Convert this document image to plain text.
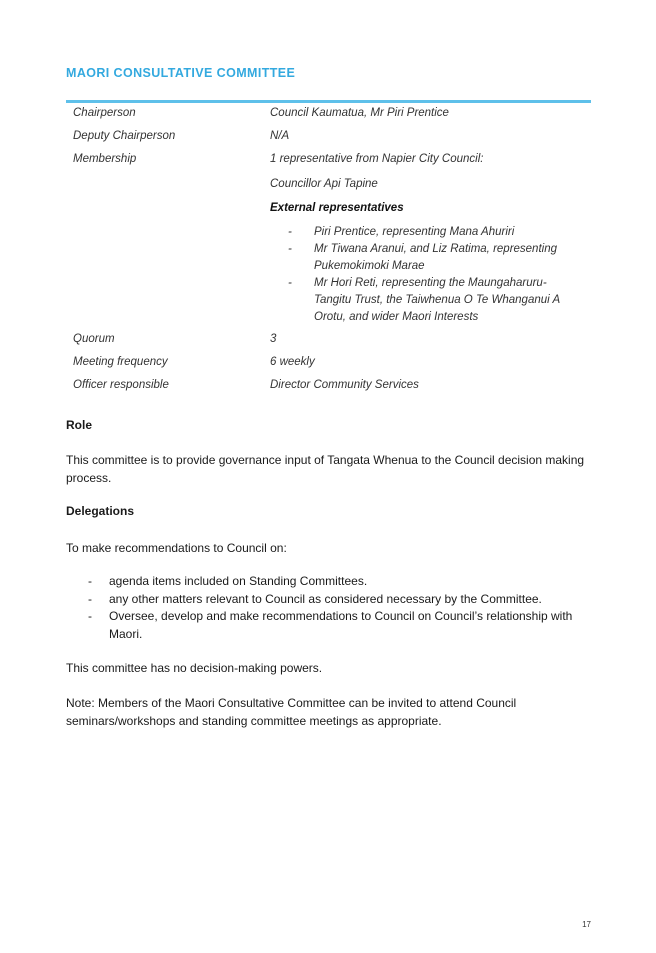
MAORI CONSULTATIVE COMMITTEE
Chairperson	Council Kaumatua, Mr Piri Prentice
Deputy Chairperson	N/A
Membership	1 representative from Napier City Council:
Councillor Api Tapine
External representatives
- Piri Prentice, representing Mana Ahuriri
- Mr Tiwana Aranui, and Liz Ratima, representing Pukemokimoki Marae
- Mr Hori Reti, representing the Maungaharuru-Tangitu Trust, the Taiwhenua O Te Whanganui A Orotu, and wider Maori Interests
Quorum	3
Meeting frequency	6 weekly
Officer responsible	Director Community Services
Role
This committee is to provide governance input of Tangata Whenua to the Council decision making process.
Delegations
To make recommendations to Council on:
- agenda items included on Standing Committees.
- any other matters relevant to Council as considered necessary by the Committee.
- Oversee, develop and make recommendations to Council on Council’s relationship with Maori.
This committee has no decision-making powers.
Note: Members of the Maori Consultative Committee can be invited to attend Council seminars/workshops and standing committee meetings as appropriate.
17
